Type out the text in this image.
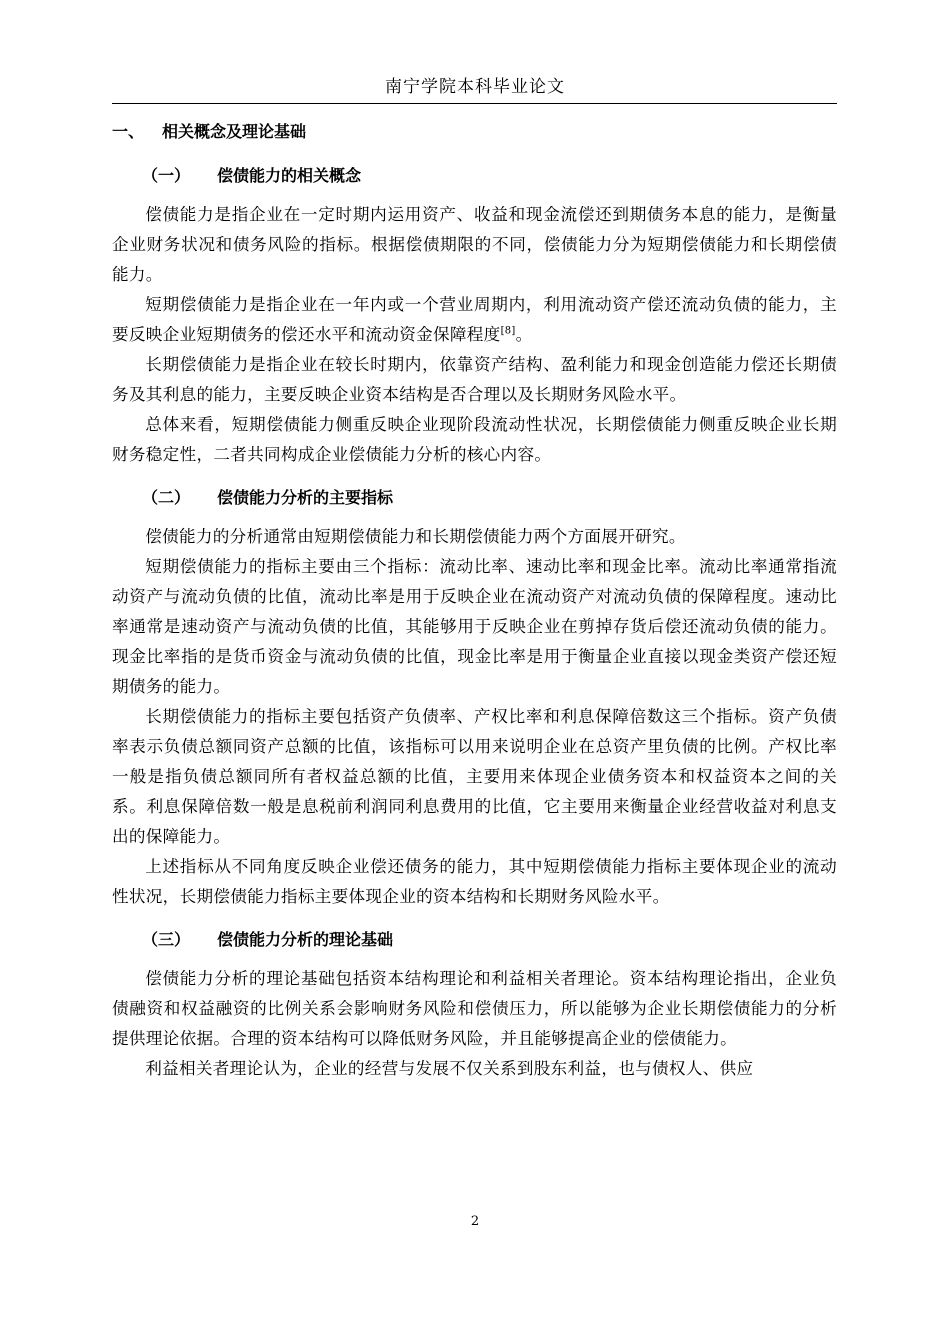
南宁学院本科毕业论文
一、 相关概念及理论基础
（一） 偿债能力的相关概念

偿债能力是指企业在一定时期内运用资产、收益和现金流偿还到期债务本息的能力，是衡量企业财务状况和债务风险的指标。根据偿债期限的不同，偿债能力分为短期偿债能力和长期偿债能力。

短期偿债能力是指企业在一年内或一个营业周期内，利用流动资产偿还流动负债的能力，主要反映企业短期债务的偿还水平和流动资金保障程度[8]。

长期偿债能力是指企业在较长时期内，依靠资产结构、盈利能力和现金创造能力偿还长期债务及其利息的能力，主要反映企业资本结构是否合理以及长期财务风险水平。

总体来看，短期偿债能力侧重反映企业现阶段流动性状况，长期偿债能力侧重反映企业长期财务稳定性，二者共同构成企业偿债能力分析的核心内容。

（二） 偿债能力分析的主要指标

偿债能力的分析通常由短期偿债能力和长期偿债能力两个方面展开研究。

短期偿债能力的指标主要由三个指标：流动比率、速动比率和现金比率。流动比率通常指流动资产与流动负债的比值，流动比率是用于反映企业在流动资产对流动负债的保障程度。速动比率通常是速动资产与流动负债的比值，其能够用于反映企业在剪掉存货后偿还流动负债的能力。现金比率指的是货币资金与流动负债的比值，现金比率是用于衡量企业直接以现金类资产偿还短期债务的能力。

长期偿债能力的指标主要包括资产负债率、产权比率和利息保障倍数这三个指标。资产负债率表示负债总额同资产总额的比值，该指标可以用来说明企业在总资产里负债的比例。产权比率一般是指负债总额同所有者权益总额的比值，主要用来体现企业债务资本和权益资本之间的关系。利息保障倍数一般是息税前利润同利息费用的比值，它主要用来衡量企业经营收益对利息支出的保障能力。

上述指标从不同角度反映企业偿还债务的能力，其中短期偿债能力指标主要体现企业的流动性状况，长期偿债能力指标主要体现企业的资本结构和长期财务风险水平。

（三） 偿债能力分析的理论基础

偿债能力分析的理论基础包括资本结构理论和利益相关者理论。资本结构理论指出，企业负债融资和权益融资的比例关系会影响财务风险和偿债压力，所以能够为企业长期偿债能力的分析提供理论依据。合理的资本结构可以降低财务风险，并且能够提高企业的偿债能力。

利益相关者理论认为，企业的经营与发展不仅关系到股东利益，也与债权人、供应

2
